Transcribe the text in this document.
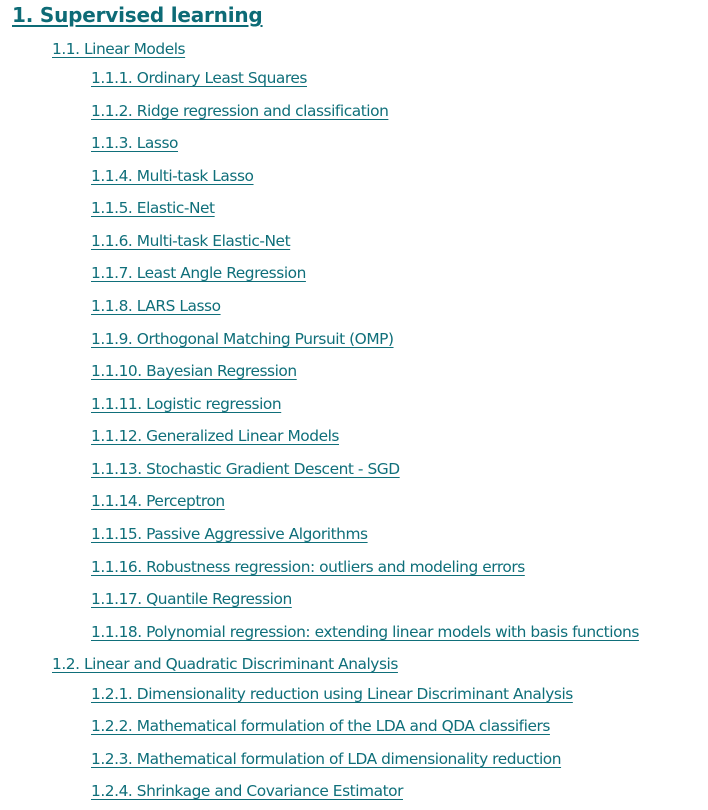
1. Supervised learning
1.1. Linear Models
1.1.1. Ordinary Least Squares
1.1.2. Ridge regression and classification
1.1.3. Lasso
1.1.4. Multi-task Lasso
1.1.5. Elastic-Net
1.1.6. Multi-task Elastic-Net
1.1.7. Least Angle Regression
1.1.8. LARS Lasso
1.1.9. Orthogonal Matching Pursuit (OMP)
1.1.10. Bayesian Regression
1.1.11. Logistic regression
1.1.12. Generalized Linear Models
1.1.13. Stochastic Gradient Descent - SGD
1.1.14. Perceptron
1.1.15. Passive Aggressive Algorithms
1.1.16. Robustness regression: outliers and modeling errors
1.1.17. Quantile Regression
1.1.18. Polynomial regression: extending linear models with basis functions
1.2. Linear and Quadratic Discriminant Analysis
1.2.1. Dimensionality reduction using Linear Discriminant Analysis
1.2.2. Mathematical formulation of the LDA and QDA classifiers
1.2.3. Mathematical formulation of LDA dimensionality reduction
1.2.4. Shrinkage and Covariance Estimator
